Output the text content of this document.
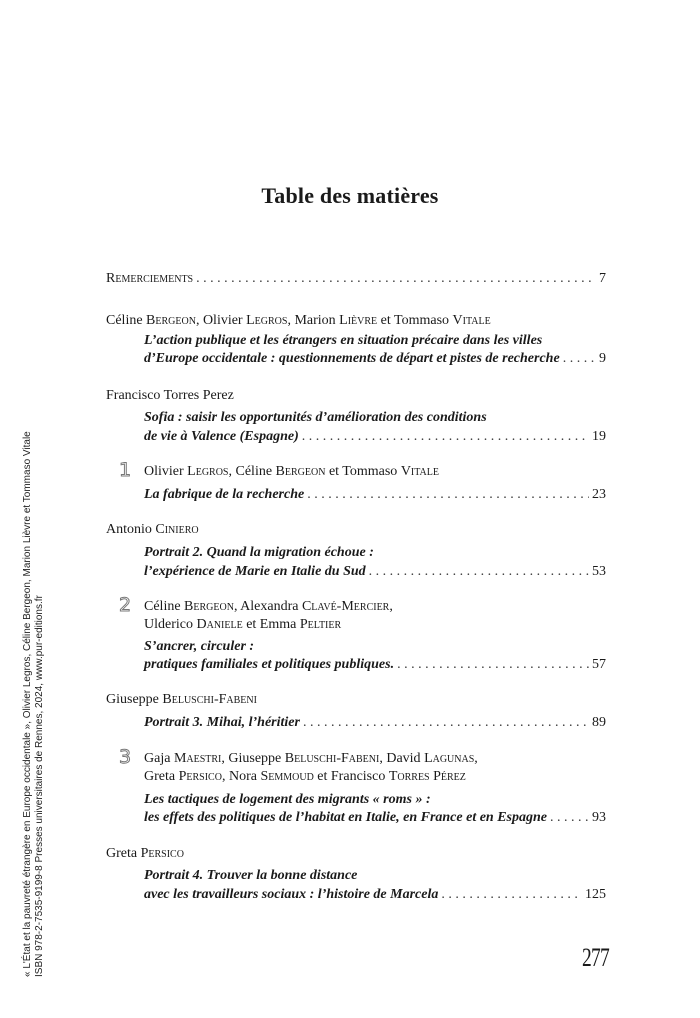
Table des matières
Remerciements . . .	7
Céline Bergeon, Olivier Legros, Marion Lièvre et Tommaso Vitale
L’action publique et les étrangers en situation précaire dans les villes
d’Europe occidentale : questionnements de départ et pistes de recherche . . .	9
Francisco Torres Perez
Sofia : saisir les opportunités d’amélioration des conditions
de vie à Valence (Espagne) . . .	19
1 Olivier Legros, Céline Bergeon et Tommaso Vitale
La fabrique de la recherche . . .	23
Antonio Ciniero
Portrait 2. Quand la migration échoue :
l’expérience de Marie en Italie du Sud . . .	53
2 Céline Bergeon, Alexandra Clavé-Mercier,
Ulderico Daniele et Emma Peltier
S’ancrer, circuler :
pratiques familiales et politiques publiques. . . .	57
Giuseppe Beluschi-Fabeni
Portrait 3. Mihai, l’héritier . . .	89
3 Gaja Maestri, Giuseppe Beluschi-Fabeni, David Lagunas,
Greta Persico, Nora Semmoud et Francisco Torres Pérez
Les tactiques de logement des migrants « roms » :
les effets des politiques de l’habitat en Italie, en France et en Espagne . . .	93
Greta Persico
Portrait 4. Trouver la bonne distance
avec les travailleurs sociaux : l’histoire de Marcela . . .	125
« L'État et la pauvreté étrangère en Europe occidentale », Olivier Legros, Céline Bergeon, Marion Lièvre et Tommaso Vitale ISBN 978-2-7535-9199-8 Presses universitaires de Rennes, 2024, www.pur-editions.fr	277
